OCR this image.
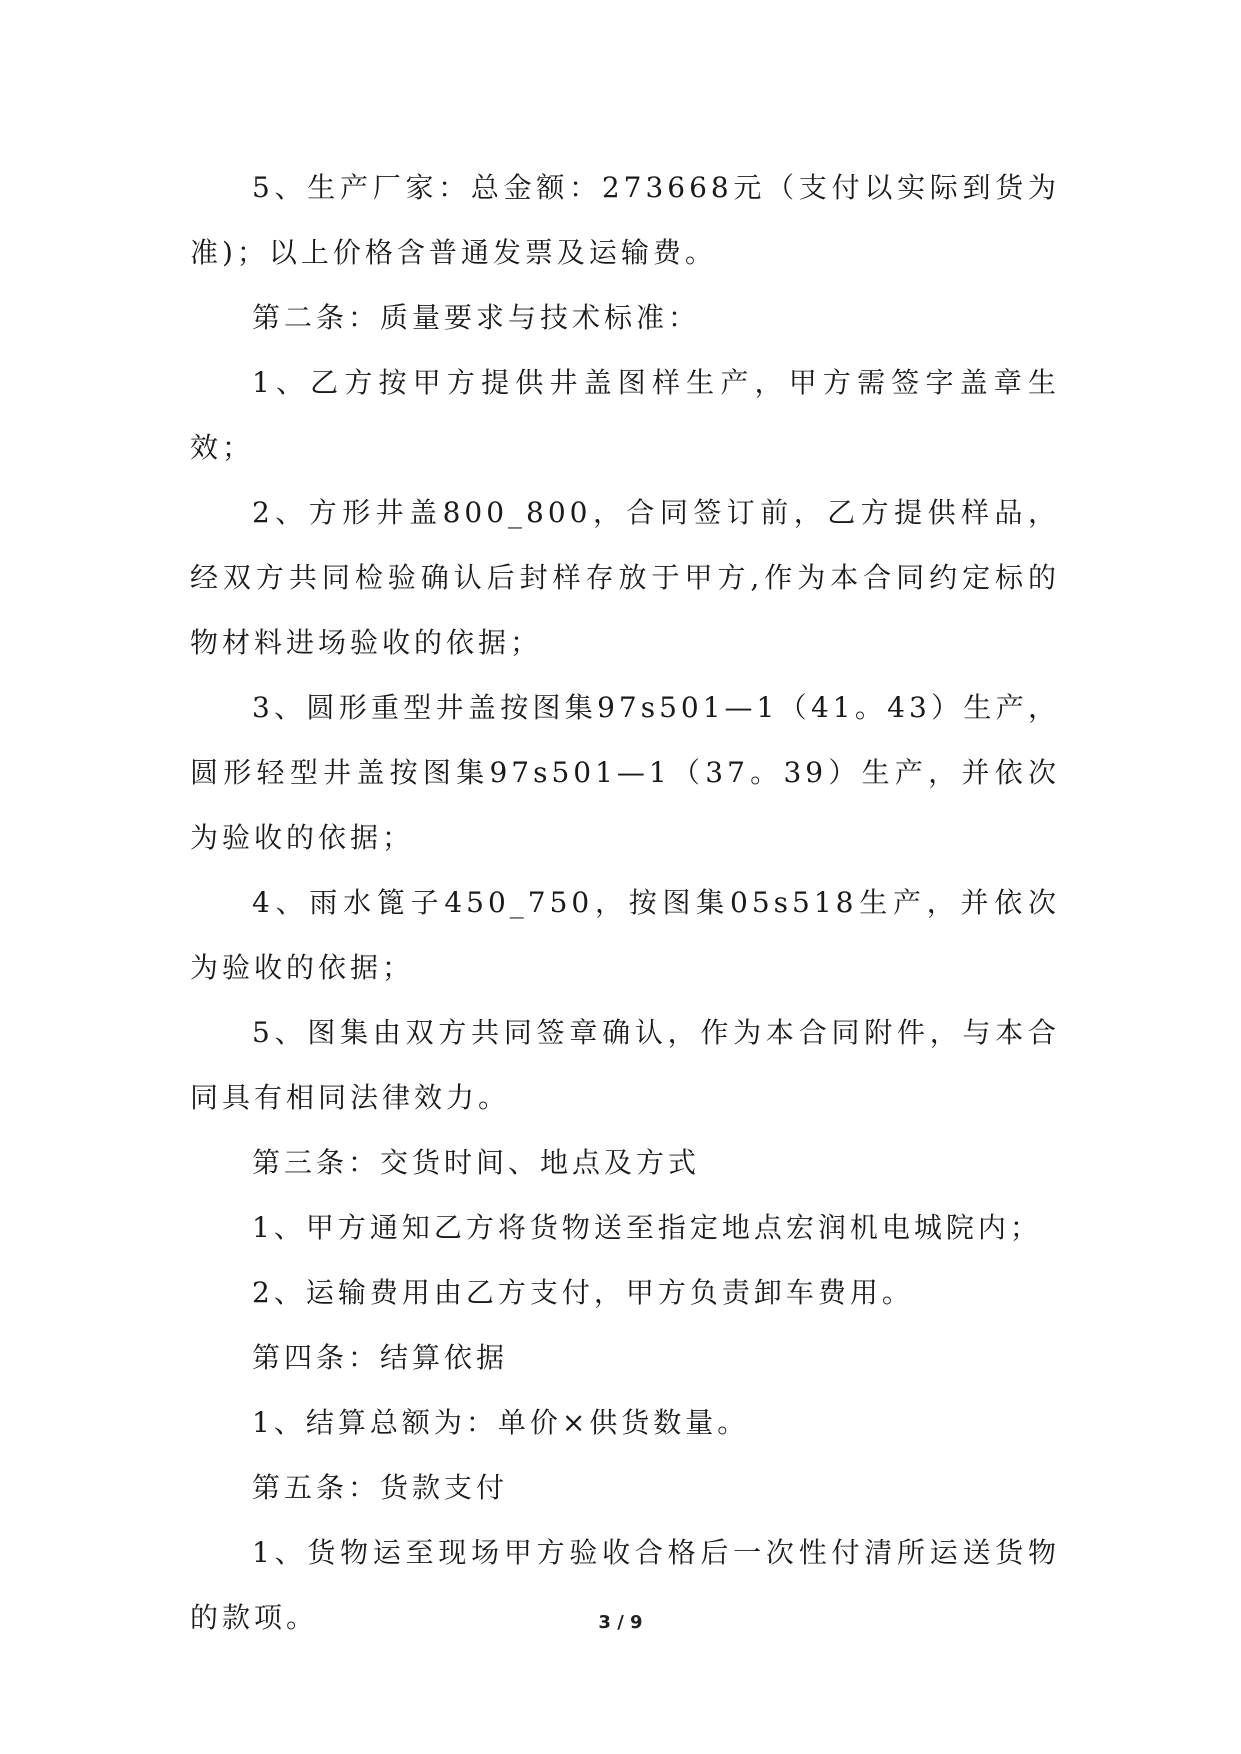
5、生产厂家：总金额：273668元（支付以实际到货为准)；以上价格含普通发票及运输费。

第二条：质量要求与技术标准：

1、乙方按甲方提供井盖图样生产，甲方需签字盖章生效；

2、方形井盖800_800，合同签订前，乙方提供样品，经双方共同检验确认后封样存放于甲方,作为本合同约定标的物材料进场验收的依据；

3、圆形重型井盖按图集97s501—1（41。43）生产，圆形轻型井盖按图集97s501—1（37。39）生产，并依次为验收的依据；

4、雨水篦子450_750，按图集05s518生产，并依次为验收的依据；

5、图集由双方共同签章确认，作为本合同附件，与本合同具有相同法律效力。

第三条：交货时间、地点及方式

1、甲方通知乙方将货物送至指定地点宏润机电城院内；

2、运输费用由乙方支付，甲方负责卸车费用。

第四条：结算依据

1、结算总额为：单价×供货数量。

第五条：货款支付

1、货物运至现场甲方验收合格后一次性付清所运送货物的款项。	3 / 9
